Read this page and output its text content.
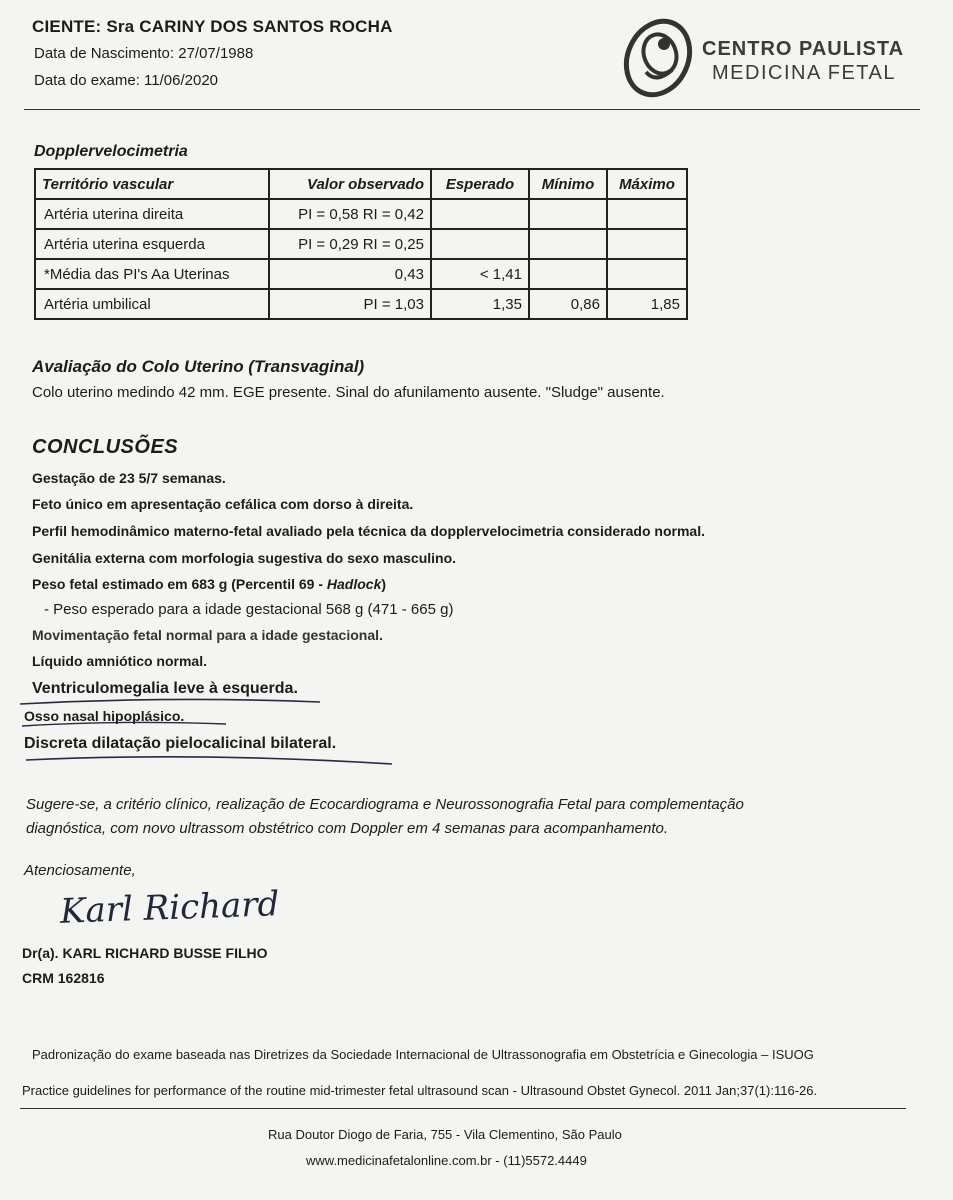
CIENTE: Sra CARINY DOS SANTOS ROCHA
Data de Nascimento: 27/07/1988
Data do exame: 11/06/2020
CENTRO PAULISTA
MEDICINA FETAL
Dopplervelocimetria
Território vascular	Valor observado	Esperado	Mínimo	Máximo
Artéria uterina direita	PI = 0,58 RI = 0,42			
Artéria uterina esquerda	PI = 0,29 RI = 0,25			
*Média das PI's Aa Uterinas	0,43	< 1,41		
Artéria umbilical	PI = 1,03	1,35	0,86	1,85
Avaliação do Colo Uterino (Transvaginal)
Colo uterino medindo 42 mm. EGE presente. Sinal do afunilamento ausente. "Sludge" ausente.
CONCLUSÕES
Gestação de 23 5/7 semanas.
Feto único em apresentação cefálica com dorso à direita.
Perfil hemodinâmico materno-fetal avaliado pela técnica da dopplervelocimetria considerado normal.
Genitália externa com morfologia sugestiva do sexo masculino.
Peso fetal estimado em 683 g (Percentil 69 - Hadlock)
- Peso esperado para a idade gestacional 568 g (471 - 665 g)
Movimentação fetal normal para a idade gestacional.
Líquido amniótico normal.
Ventriculomegalia leve à esquerda.
Osso nasal hipoplásico.
Discreta dilatação pielocalicinal bilateral.
Sugere-se, a critério clínico, realização de Ecocardiograma e Neurossonografia Fetal para complementação
diagnóstica, com novo ultrassom obstétrico com Doppler em 4 semanas para acompanhamento.
Atenciosamente,
Karl Richard
Dr(a). KARL RICHARD BUSSE FILHO
CRM 162816
Padronização do exame baseada nas Diretrizes da Sociedade Internacional de Ultrassonografia em Obstetrícia e Ginecologia – ISUOG
Practice guidelines for performance of the routine mid-trimester fetal ultrasound scan - Ultrasound Obstet Gynecol. 2011 Jan;37(1):116-26.
Rua Doutor Diogo de Faria, 755 - Vila Clementino, São Paulo
www.medicinafetalonline.com.br - (11)5572.4449
